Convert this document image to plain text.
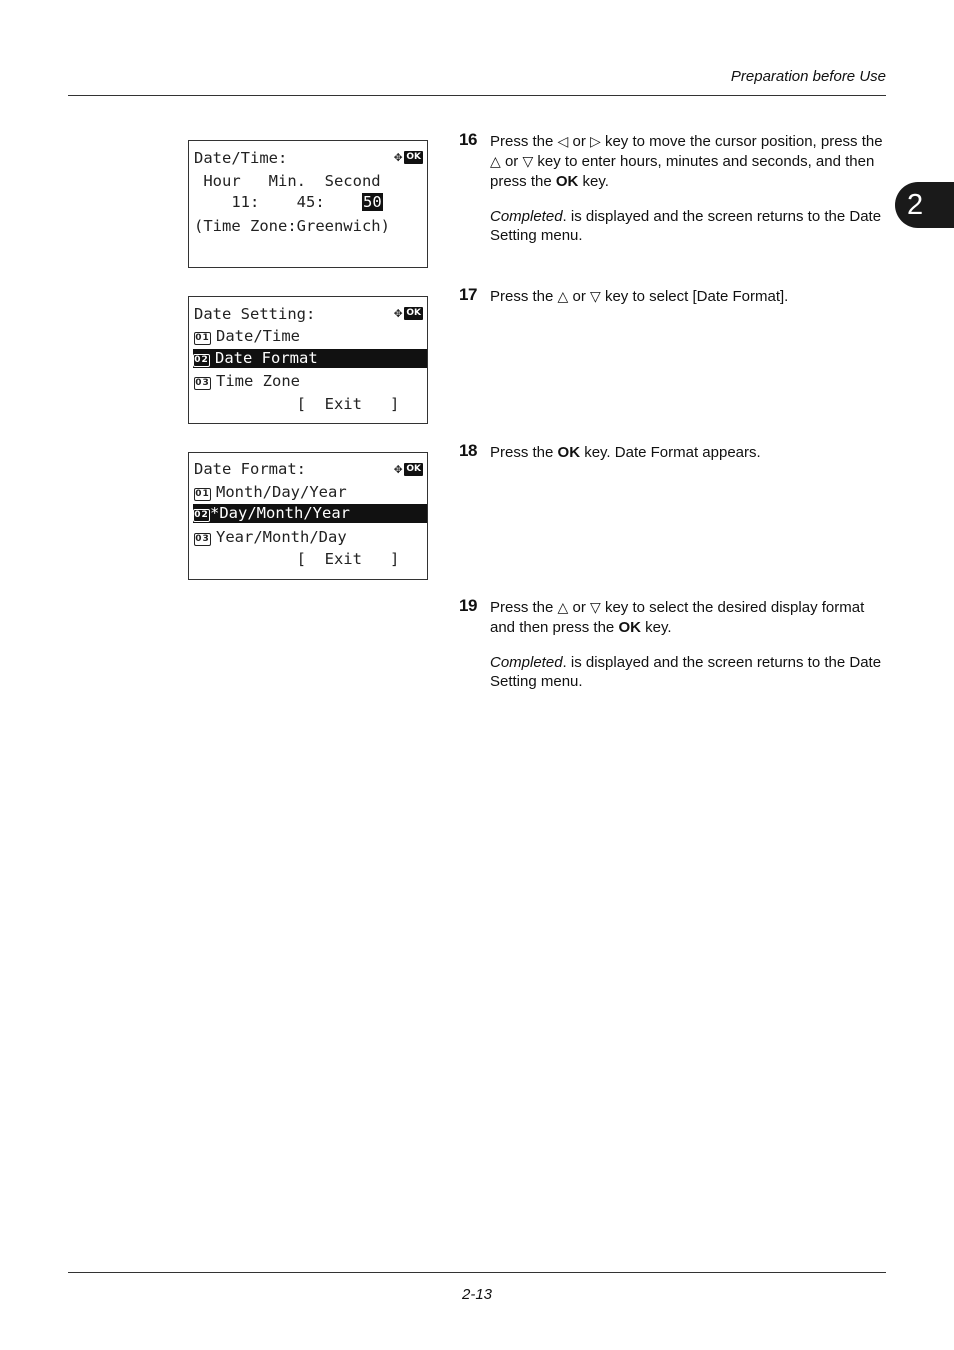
Preparation before Use
2
2-13
Date/Time:	✥ OK
Hour   Min.  Second
11:    45:    50
(Time Zone:Greenwich)
Date Setting:	✥ OK
01 Date/Time
02 Date Format
03 Time Zone
[  Exit   ]
Date Format:	✥ OK
01 Month/Day/Year
02*Day/Month/Year
03 Year/Month/Day
[  Exit   ]
16 Press the ◁ or ▷ key to move the cursor position, press the △ or ▽ key to enter hours, minutes and seconds, and then press the OK key.

Completed. is displayed and the screen returns to the Date Setting menu.

17 Press the △ or ▽ key to select [Date Format].

18 Press the OK key. Date Format appears.

19 Press the △ or ▽ key to select the desired display format and then press the OK key.

Completed. is displayed and the screen returns to the Date Setting menu.
